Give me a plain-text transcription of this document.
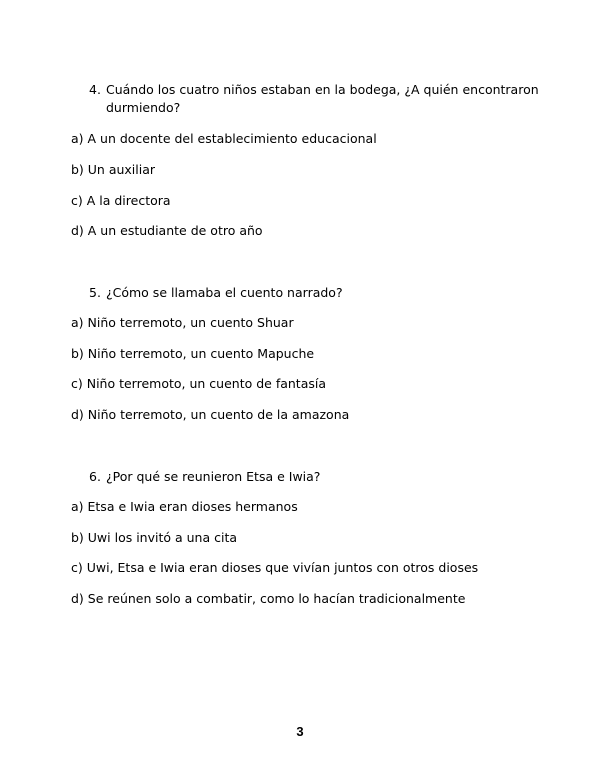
4. Cuándo los cuatro niños estaban en la bodega, ¿A quién encontraron
durmiendo?
a) A un docente del establecimiento educacional
b) Un auxiliar
c) A la directora
d) A un estudiante de otro año
5. ¿Cómo se llamaba el cuento narrado?
a) Niño terremoto, un cuento Shuar
b) Niño terremoto, un cuento Mapuche
c) Niño terremoto, un cuento de fantasía
d) Niño terremoto, un cuento de la amazona
6. ¿Por qué se reunieron Etsa e Iwia?
a) Etsa e Iwia eran dioses hermanos
b) Uwi los invitó a una cita
c) Uwi, Etsa e Iwia eran dioses que vivían juntos con otros dioses
d) Se reúnen solo a combatir, como lo hacían tradicionalmente
3
